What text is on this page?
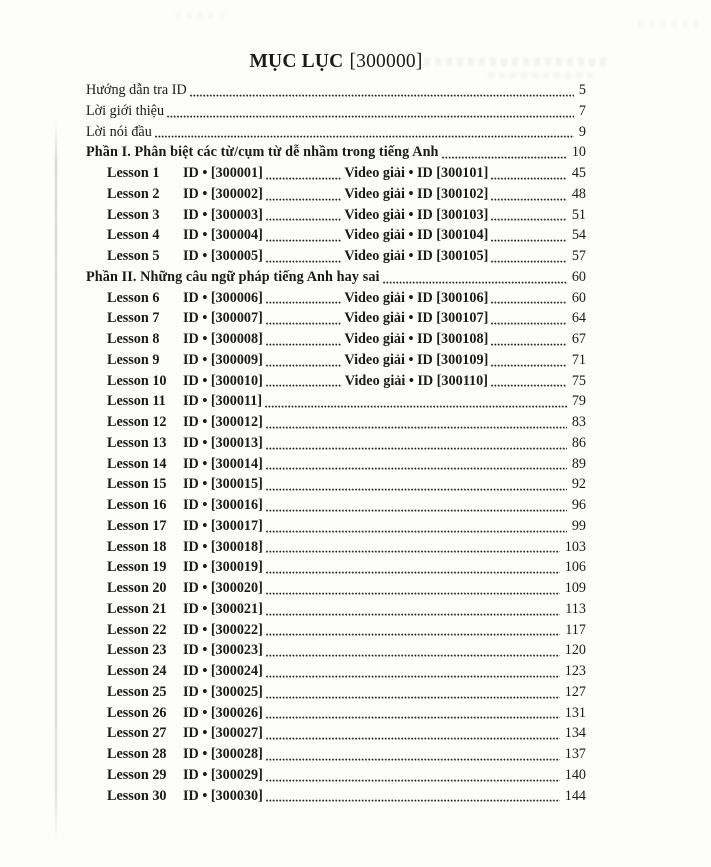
MỤC LỤC [300000]
Hướng dẫn tra ID	5
Lời giới thiệu	7
Lời nói đầu	9
Phần I. Phân biệt các từ/cụm từ dễ nhầm trong tiếng Anh	10
Lesson 1	ID • [300001]	Video giải • ID [300101]	45
Lesson 2	ID • [300002]	Video giải • ID [300102]	48
Lesson 3	ID • [300003]	Video giải • ID [300103]	51
Lesson 4	ID • [300004]	Video giải • ID [300104]	54
Lesson 5	ID • [300005]	Video giải • ID [300105]	57
Phần II. Những câu ngữ pháp tiếng Anh hay sai	60
Lesson 6	ID • [300006]	Video giải • ID [300106]	60
Lesson 7	ID • [300007]	Video giải • ID [300107]	64
Lesson 8	ID • [300008]	Video giải • ID [300108]	67
Lesson 9	ID • [300009]	Video giải • ID [300109]	71
Lesson 10	ID • [300010]	Video giải • ID [300110]	75
Lesson 11	ID • [300011]	79
Lesson 12	ID • [300012]	83
Lesson 13	ID • [300013]	86
Lesson 14	ID • [300014]	89
Lesson 15	ID • [300015]	92
Lesson 16	ID • [300016]	96
Lesson 17	ID • [300017]	99
Lesson 18	ID • [300018]	103
Lesson 19	ID • [300019]	106
Lesson 20	ID • [300020]	109
Lesson 21	ID • [300021]	113
Lesson 22	ID • [300022]	117
Lesson 23	ID • [300023]	120
Lesson 24	ID • [300024]	123
Lesson 25	ID • [300025]	127
Lesson 26	ID • [300026]	131
Lesson 27	ID • [300027]	134
Lesson 28	ID • [300028]	137
Lesson 29	ID • [300029]	140
Lesson 30	ID • [300030]	144
